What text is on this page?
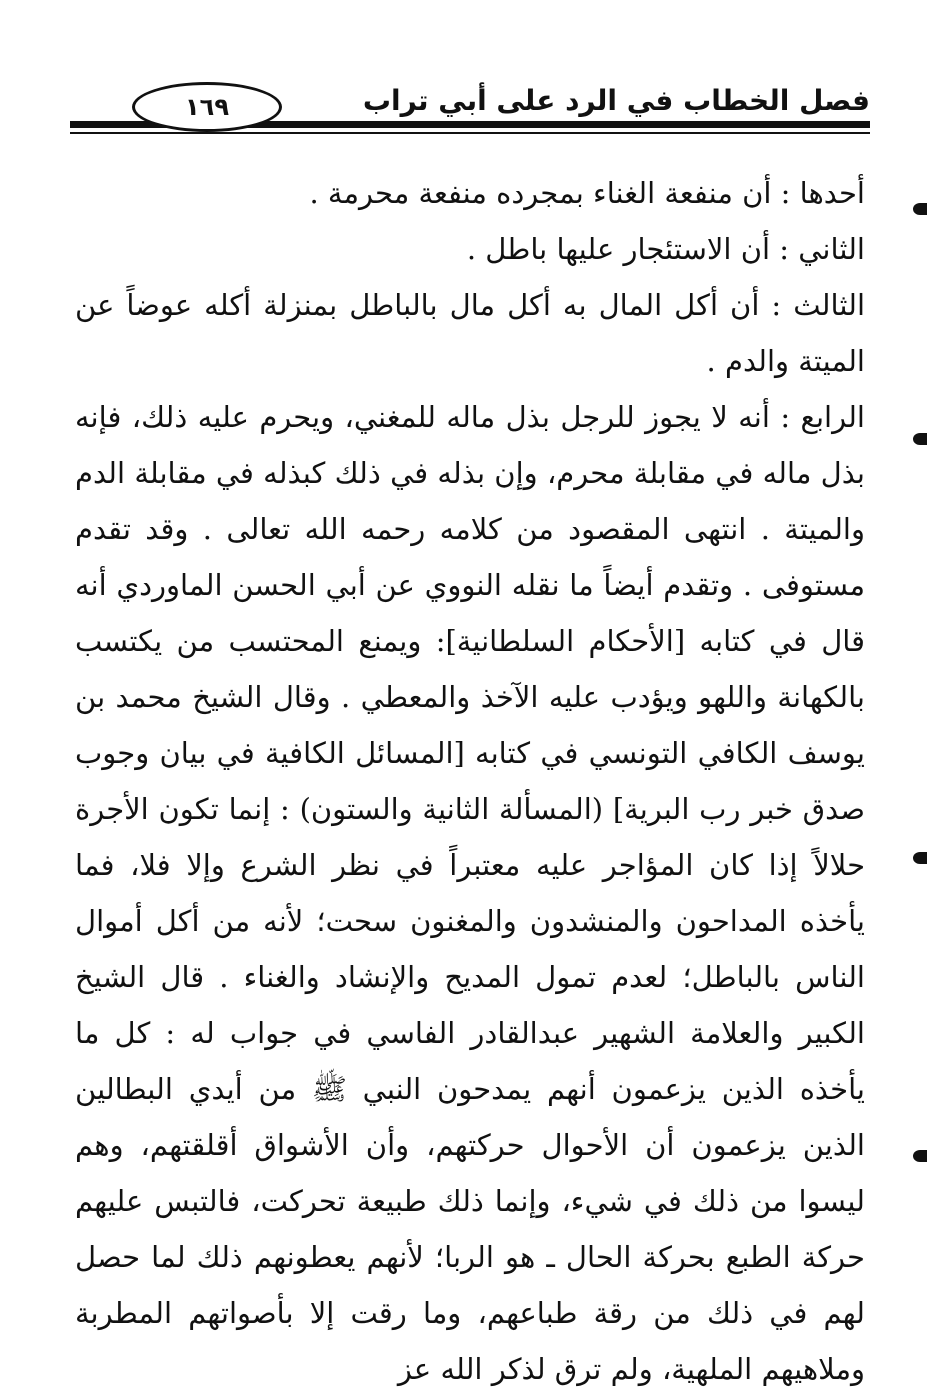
فصل الخطاب في الرد على أبي تراب
١٦٩

أحدها : أن منفعة الغناء بمجرده منفعة محرمة .

الثاني : أن الاستئجار عليها باطل .

الثالث : أن أكل المال به أكل مال بالباطل بمنزلة أكله عوضاً عن الميتة والدم .

الرابع : أنه لا يجوز للرجل بذل ماله للمغني، ويحرم عليه ذلك، فإنه بذل ماله في مقابلة محرم، وإن بذله في ذلك كبذله في مقابلة الدم والميتة . انتهى المقصود من كلامه رحمه الله تعالى . وقد تقدم مستوفى . وتقدم أيضاً ما نقله النووي عن أبي الحسن الماوردي أنه قال في كتابه [الأحكام السلطانية]: ويمنع المحتسب من يكتسب بالكهانة واللهو ويؤدب عليه الآخذ والمعطي . وقال الشيخ محمد بن يوسف الكافي التونسي في كتابه [المسائل الكافية في بيان وجوب صدق خبر رب البرية] (المسألة الثانية والستون) : إنما تكون الأجرة حلالاً إذا كان المؤاجر عليه معتبراً في نظر الشرع وإلا فلا، فما يأخذه المداحون والمنشدون والمغنون سحت؛ لأنه من أكل أموال الناس بالباطل؛ لعدم تمول المديح والإنشاد والغناء . قال الشيخ الكبير والعلامة الشهير عبدالقادر الفاسي في جواب له : كل ما يأخذه الذين يزعمون أنهم يمدحون النبي ﷺ من أيدي البطالين الذين يزعمون أن الأحوال حركتهم، وأن الأشواق أقلقتهم، وهم ليسوا من ذلك في شيء، وإنما ذلك طبيعة تحركت، فالتبس عليهم حركة الطبع بحركة الحال ـ هو الربا؛ لأنهم يعطونهم ذلك لما حصل لهم في ذلك من رقة طباعهم، وما رقت إلا بأصواتهم المطربة وملاهيهم الملهية، ولم ترق لذكر الله عز
